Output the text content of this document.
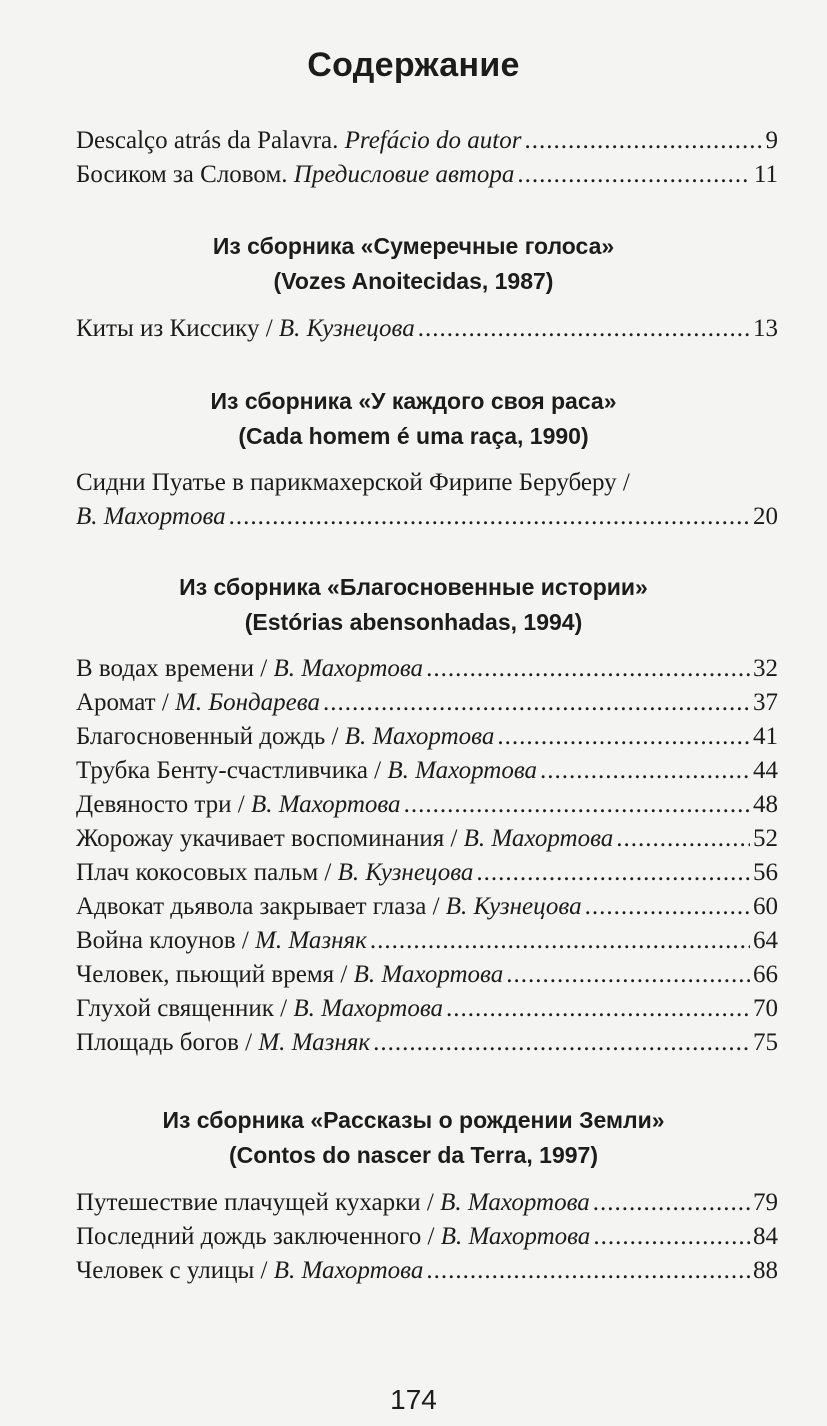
Содержание
Descalço atrás da Palavra. Prefácio do autor .....	9
Босиком за Словом. Предисловие автора .....	11
Из сборника «Сумеречные голоса»
(Vozes Anoitecidas, 1987)
Киты из Киссику / В. Кузнецова .....	13
Из сборника «У каждого своя раса»
(Cada homem é uma raça, 1990)
Сидни Пуатье в парикмахерской Фирипе Беруберу /
В. Махортова .....	20
Из сборника «Благосновенные истории»
(Estórias abensonhadas, 1994)
В водах времени / В. Махортова .....	32
Аромат / М. Бондарева .....	37
Благосновенный дождь / В. Махортова .....	41
Трубка Бенту-счастливчика / В. Махортова .....	44
Девяносто три / В. Махортова .....	48
Жорожау укачивает воспоминания / В. Махортова .....	52
Плач кокосовых пальм / В. Кузнецова .....	56
Адвокат дьявола закрывает глаза / В. Кузнецова .....	60
Война клоунов / М. Мазняк .....	64
Человек, пьющий время / В. Махортова .....	66
Глухой священник / В. Махортова .....	70
Площадь богов / М. Мазняк .....	75
Из сборника «Рассказы о рождении Земли»
(Contos do nascer da Terra, 1997)
Путешествие плачущей кухарки / В. Махортова .....	79
Последний дождь заключенного / В. Махортова .....	84
Человек с улицы / В. Махортова .....	88
174
